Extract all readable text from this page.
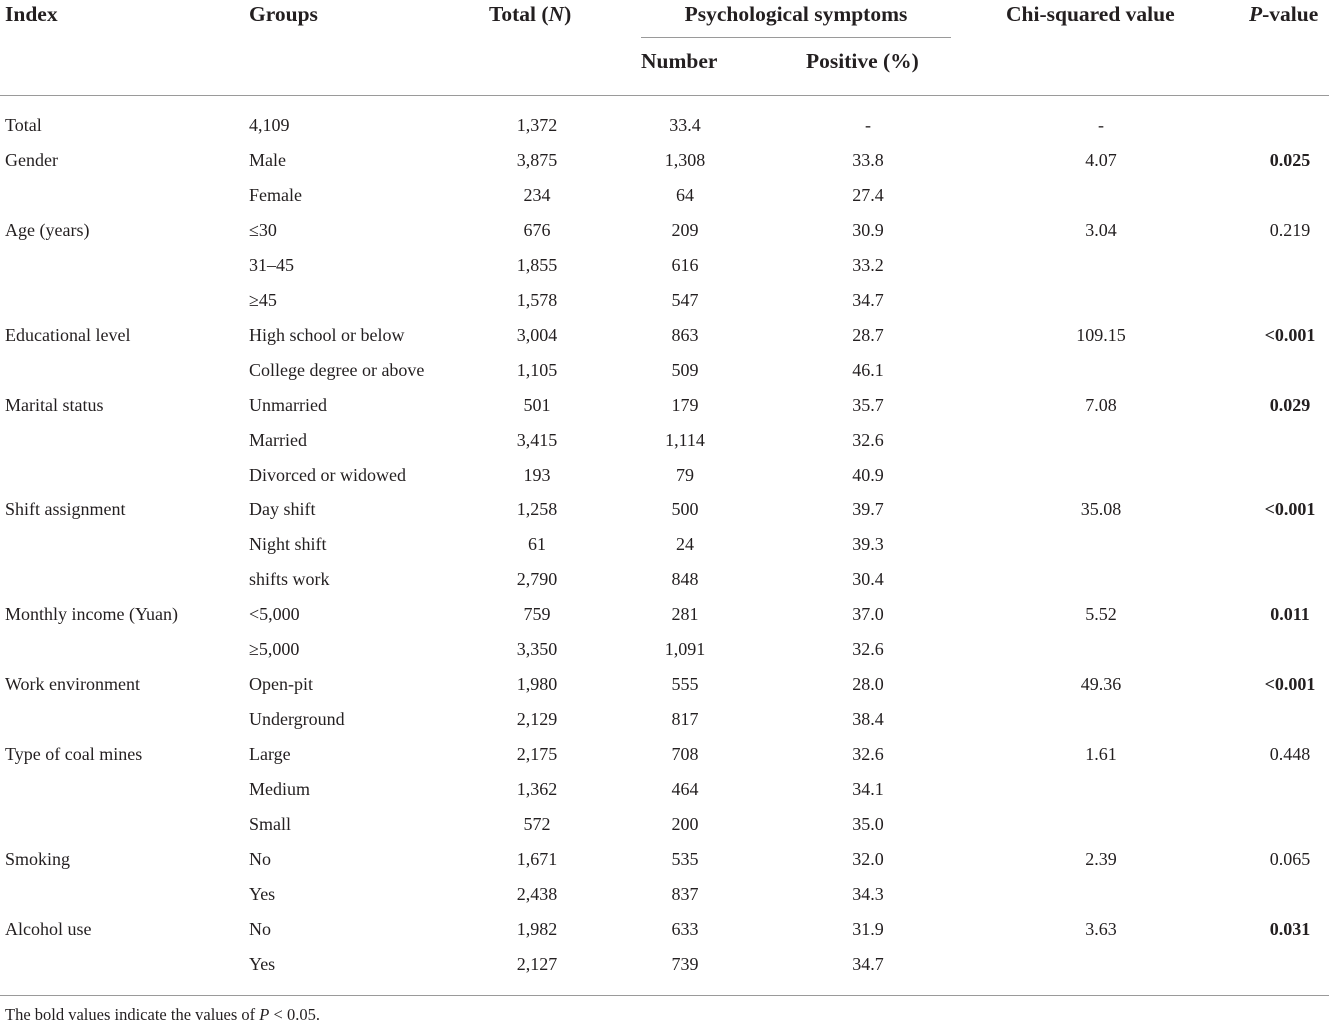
Index	Groups	Total (N)	Psychological symptoms
Number	Positive (%)
Chi-squared value	P-value
Total	4,109	1,372	33.4	-	-
Gender	Male	3,875	1,308	33.8	4.07	0.025
Female	234	64	27.4
Age (years)	≤30	676	209	30.9	3.04	0.219
31–45	1,855	616	33.2
≥45	1,578	547	34.7
Educational level	High school or below	3,004	863	28.7	109.15	<0.001
College degree or above	1,105	509	46.1
Marital status	Unmarried	501	179	35.7	7.08	0.029
Married	3,415	1,114	32.6
Divorced or widowed	193	79	40.9
Shift assignment	Day shift	1,258	500	39.7	35.08	<0.001
Night shift	61	24	39.3
shifts work	2,790	848	30.4
Monthly income (Yuan)	<5,000	759	281	37.0	5.52	0.011
≥5,000	3,350	1,091	32.6
Work environment	Open-pit	1,980	555	28.0	49.36	<0.001
Underground	2,129	817	38.4
Type of coal mines	Large	2,175	708	32.6	1.61	0.448
Medium	1,362	464	34.1
Small	572	200	35.0
Smoking	No	1,671	535	32.0	2.39	0.065
Yes	2,438	837	34.3
Alcohol use	No	1,982	633	31.9	3.63	0.031
Yes	2,127	739	34.7
The bold values indicate the values of P < 0.05.
